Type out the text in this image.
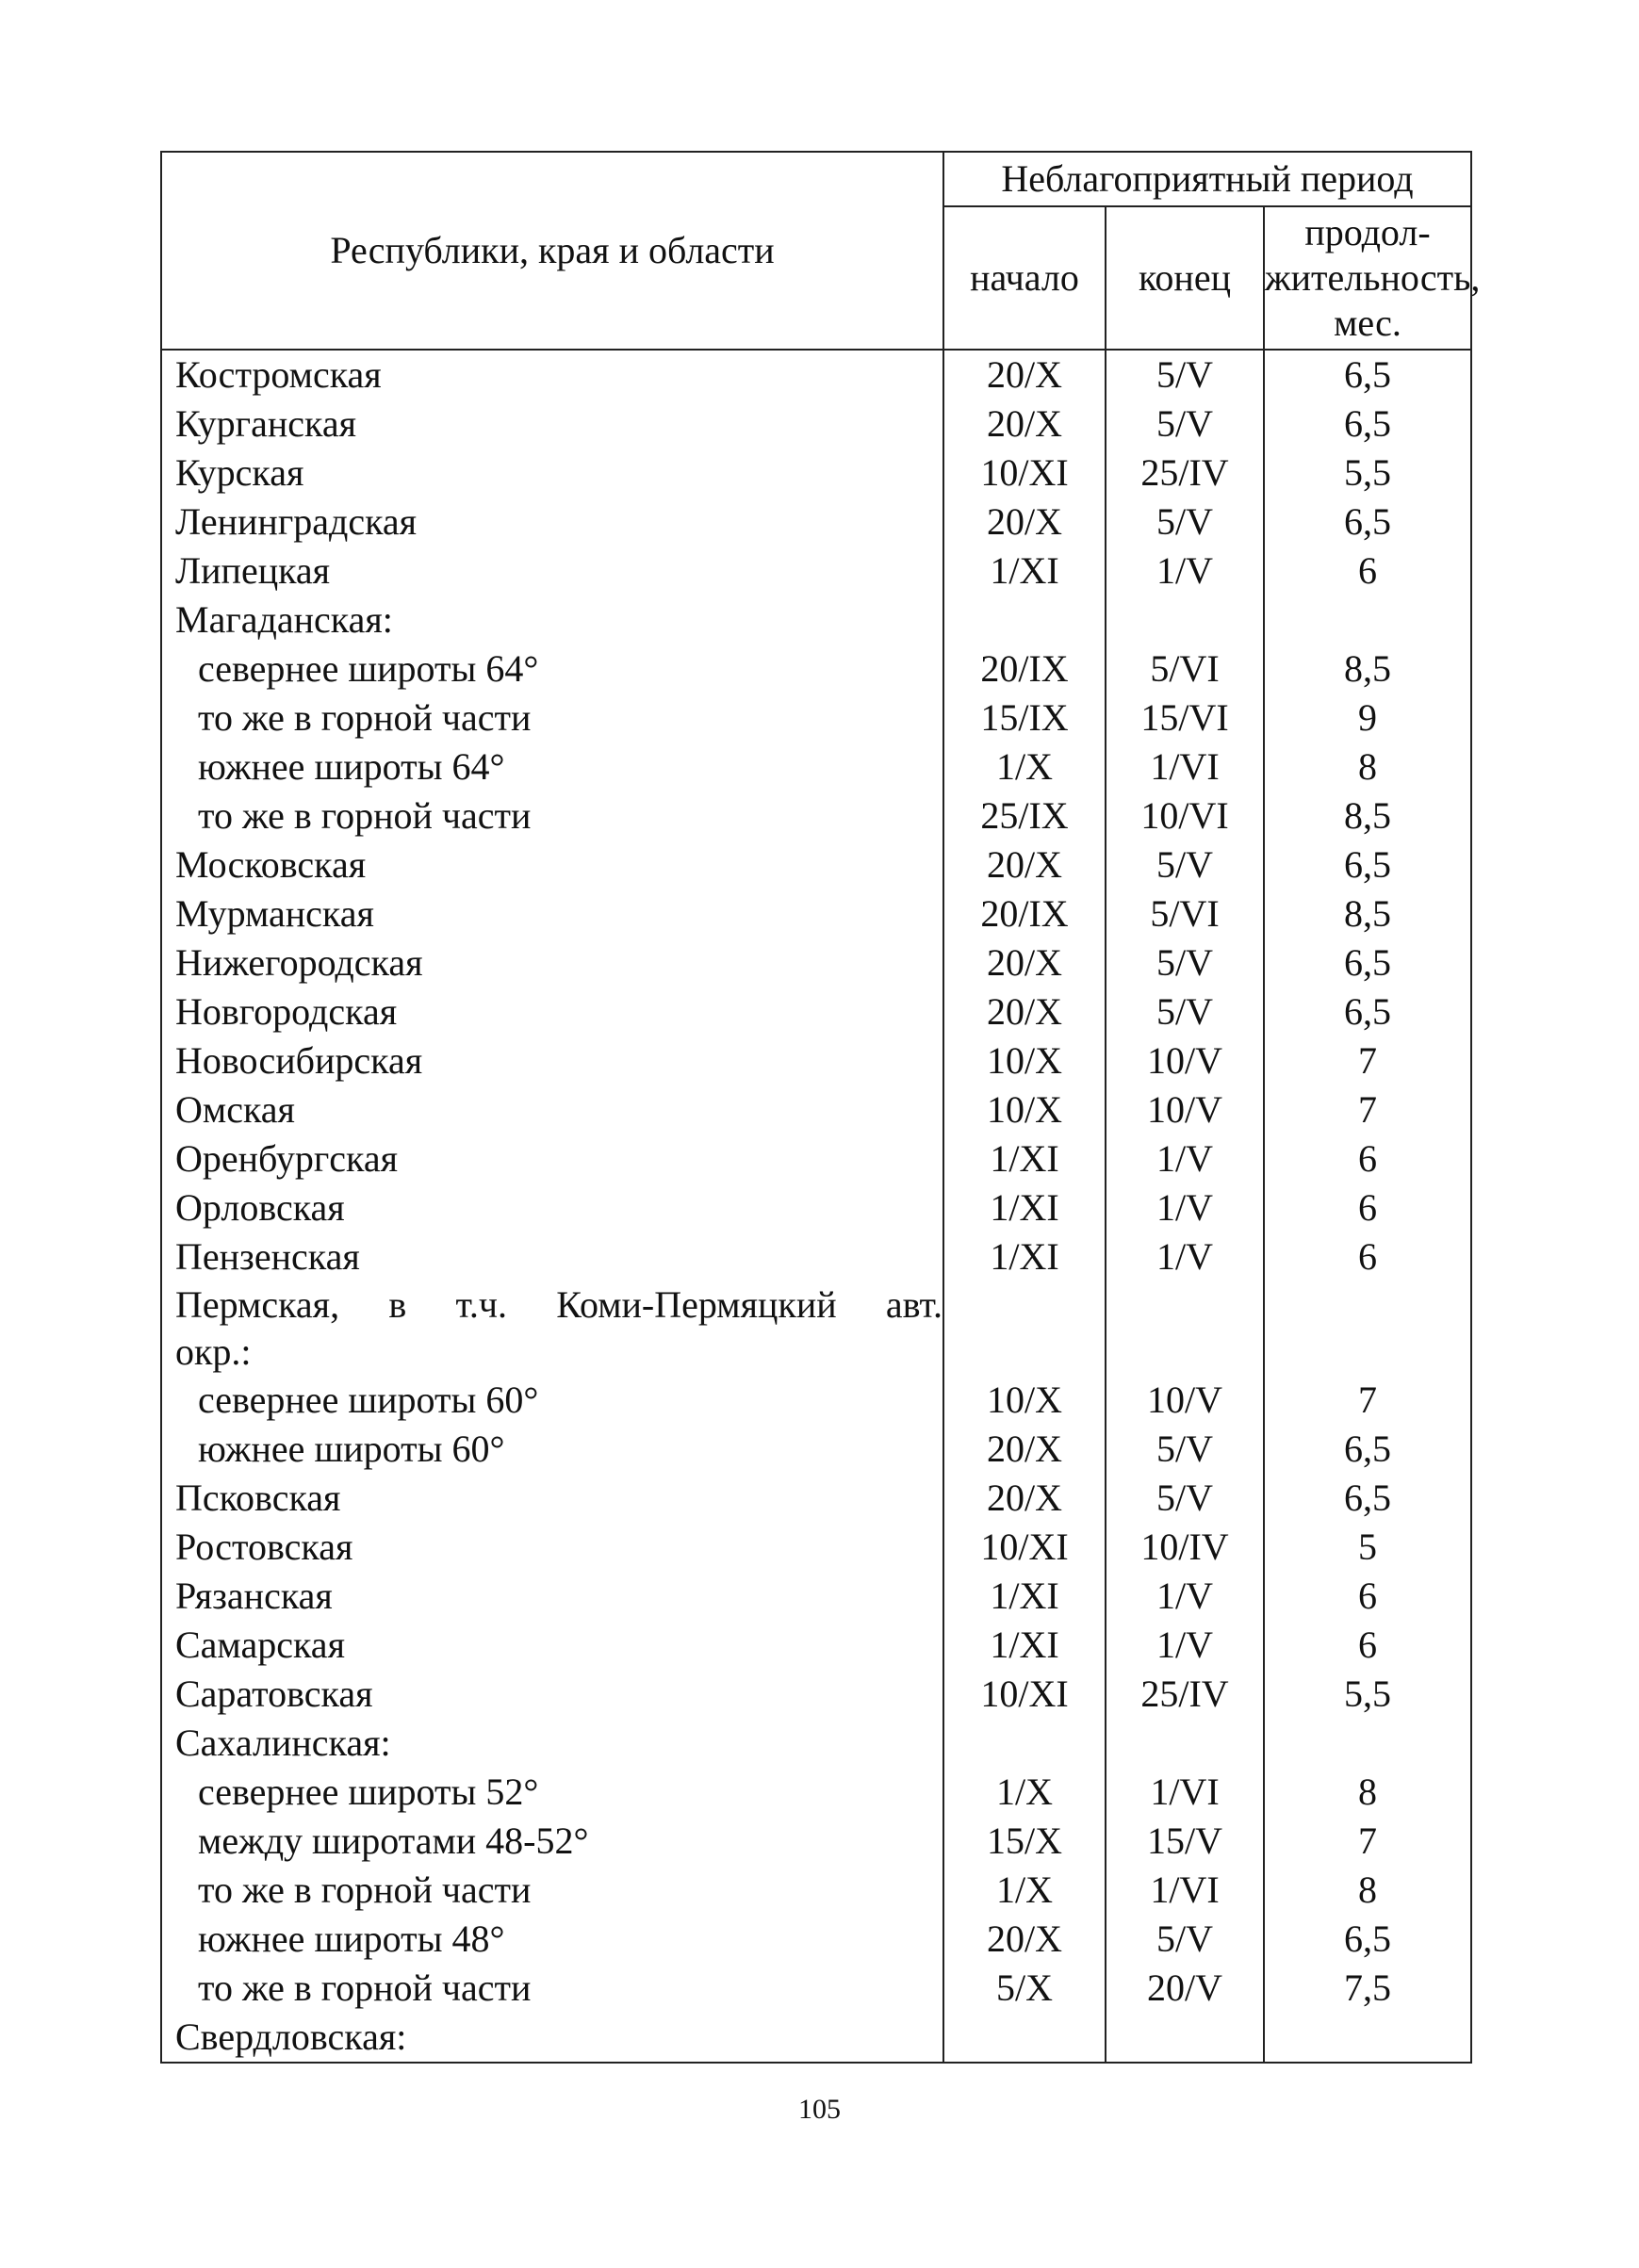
Республики, края и области	Неблагоприятный период		
	начало	конец	продол-жительность, мес.
Костромская	20/X	5/V	6,5
Курганская	20/X	5/V	6,5
Курская	10/XI	25/IV	5,5
Ленинградская	20/X	5/V	6,5
Липецкая	1/XI	1/V	6
Магаданская:			
севернее широты 64°	20/IX	5/VI	8,5
то же в горной части	15/IX	15/VI	9
южнее широты 64°	1/X	1/VI	8
то же в горной части	25/IX	10/VI	8,5
Московская	20/X	5/V	6,5
Мурманская	20/IX	5/VI	8,5
Нижегородская	20/X	5/V	6,5
Новгородская	20/X	5/V	6,5
Новосибирская	10/X	10/V	7
Омская	10/X	10/V	7
Оренбургская	1/XI	1/V	6
Орловская	1/XI	1/V	6
Пензенская	1/XI	1/V	6

Пермская, в т.ч. Коми-Пермяцкий авт.
окр.:			

севернее широты 60°	10/X	10/V	7
южнее широты 60°	20/X	5/V	6,5
Псковская	20/X	5/V	6,5
Ростовская	10/XI	10/IV	5
Рязанская	1/XI	1/V	6
Самарская	1/XI	1/V	6
Саратовская	10/XI	25/IV	5,5
Сахалинская:			
севернее широты 52°	1/X	1/VI	8
между широтами 48-52°	15/X	15/V	7
то же в горной части	1/X	1/VI	8
южнее широты 48°	20/X	5/V	6,5
то же в горной части	5/X	20/V	7,5
Свердловская:			
105
